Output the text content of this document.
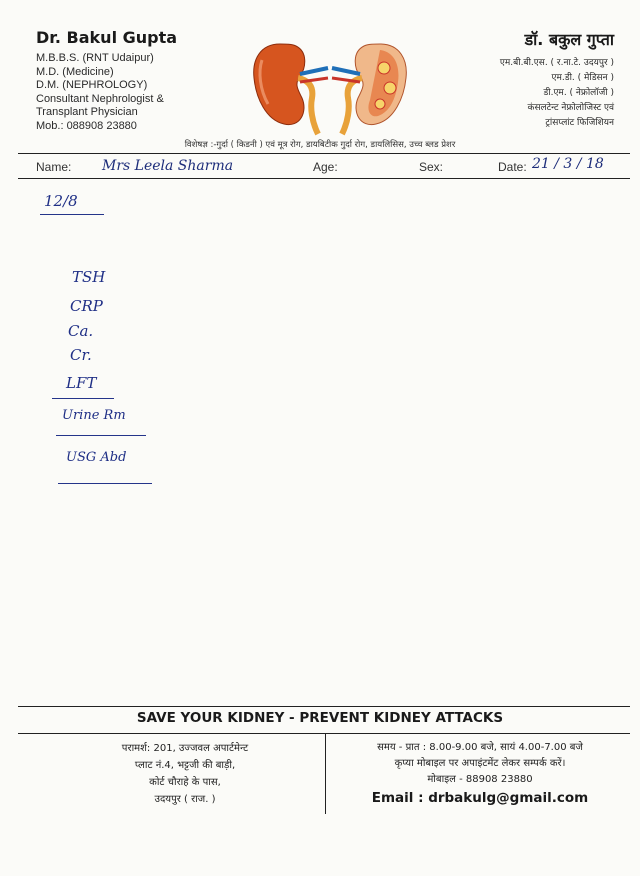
Dr. Bakul Gupta
M.B.B.S. (RNT Udaipur)
M.D. (Medicine)
D.M. (NEPHROLOGY)
Consultant Nephrologist &
Transplant Physician
Mob.: 088908 23880
डॉ. बकुल गुप्ता
एम.बी.बी.एस. ( र.ना.टे. उदयपुर )
एम.डी. ( मेडिसन )
डी.एम. ( नेफ्रोलॉजी )
कंसलटेन्ट नेफ्रोलोजिस्ट एवं
ट्रांसप्लांट फिजिशियन
विशेषज्ञ :-गुर्दा ( किडनी ) एवं मूत्र रोग, डायबिटीक गुर्दा रोग, डायलिसिस, उच्च ब्लड प्रेशर
Name: Mrs Leela Sharma	Age:	Sex:	Date: 21 / 3 / 18
12/8
TSH
CRP
Ca.
Cr.
LFT
Urine Rm
USG Abd
SAVE YOUR KIDNEY - PREVENT KIDNEY ATTACKS
परामर्श: 201, उज्जवल अपार्टमेन्ट
प्लाट नं.4, भट्टजी की बाड़ी,
कोर्ट चौराहे के पास,
उदयपुर ( राज. )
समय - प्रात : 8.00-9.00 बजे, सायं 4.00-7.00 बजे
कृप्या मोबाइल पर अपाइंटमेंट लेकर सम्पर्क करें।
मोबाइल - 88908 23880
Email : drbakulg@gmail.com
